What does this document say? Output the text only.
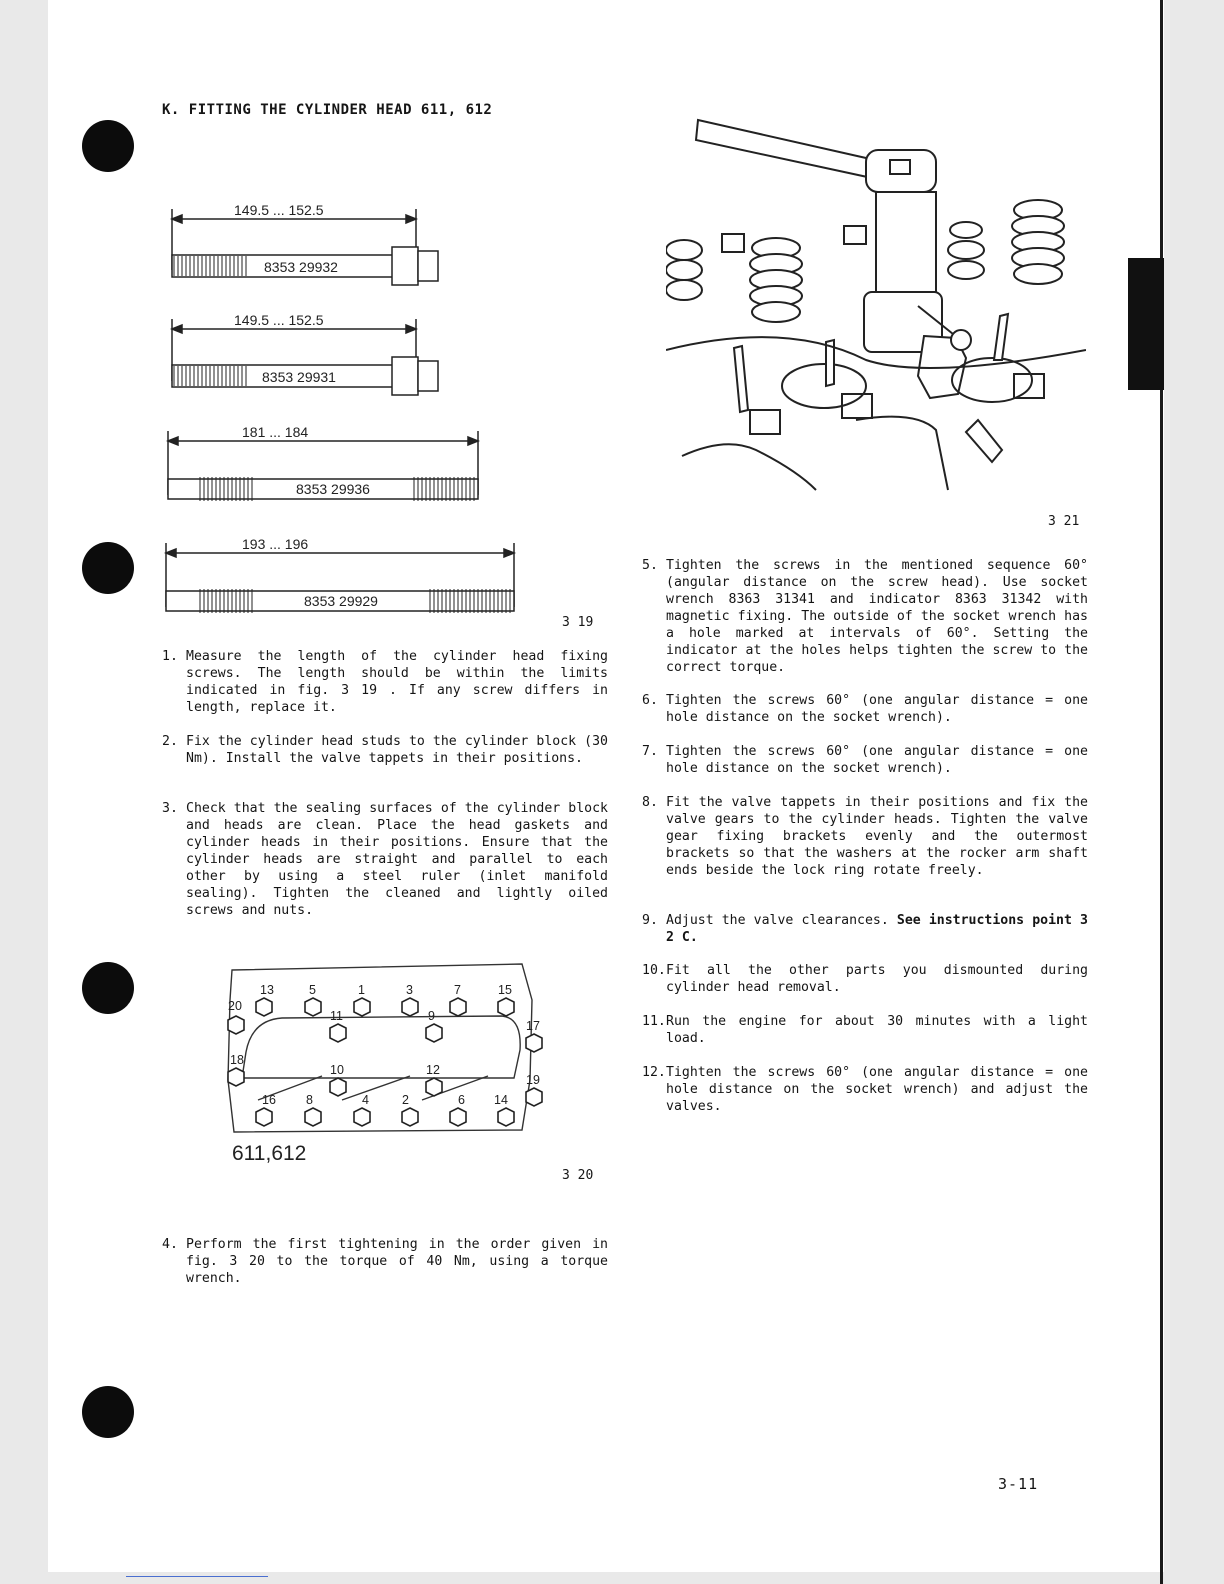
K. FITTING THE CYLINDER HEAD 611, 612
149.5 ... 152.5
8353 29932
149.5 ... 152.5
8353 29931
181 ... 184
8353 29936
193 ... 196
8353 29929
3 19
3 21
1. Measure the length of the cylinder head fixing screws. The length should be within the limits indicated in fig. 3 19 . If any screw differs in length, replace it.
2. Fix the cylinder head studs to the cylinder block (30 Nm). Install the valve tappets in their positions.
3. Check that the sealing surfaces of the cylinder block and heads are clean. Place the head gaskets and cylinder heads in their positions. Ensure that the cylinder heads are straight and parallel to each other by using a steel ruler (inlet manifold sealing). Tighten the cleaned and lightly oiled screws and nuts.
13	5	1	3	7	15
11	9
20
17
18
10	12
19
16 8	4	2	6 14
611,612
3 20
4. Perform the first tightening in the order given in fig. 3 20 to the torque of 40 Nm, using a torque wrench.
5. Tighten the screws in the mentioned sequence 60° (angular distance on the screw head). Use socket wrench 8363 31341 and indicator 8363 31342 with magnetic fixing. The outside of the socket wrench has a hole marked at intervals of 60°. Setting the indicator at the holes helps tighten the screw to the correct torque.
6. Tighten the screws 60° (one angular distance = one hole distance on the socket wrench).
7. Tighten the screws 60° (one angular distance = one hole distance on the socket wrench).
8. Fit the valve tappets in their positions and fix the valve gears to the cylinder heads. Tighten the valve gear fixing brackets evenly and the outermost brackets so that the washers at the rocker arm shaft ends beside the lock ring rotate freely.
9. Adjust the valve clearances. See instructions point 3 2 C.
10. Fit all the other parts you dismounted during cylinder head removal.
11. Run the engine for about 30 minutes with a light load.
12. Tighten the screws 60° (one angular distance = one hole distance on the socket wrench) and adjust the valves.
3-11
